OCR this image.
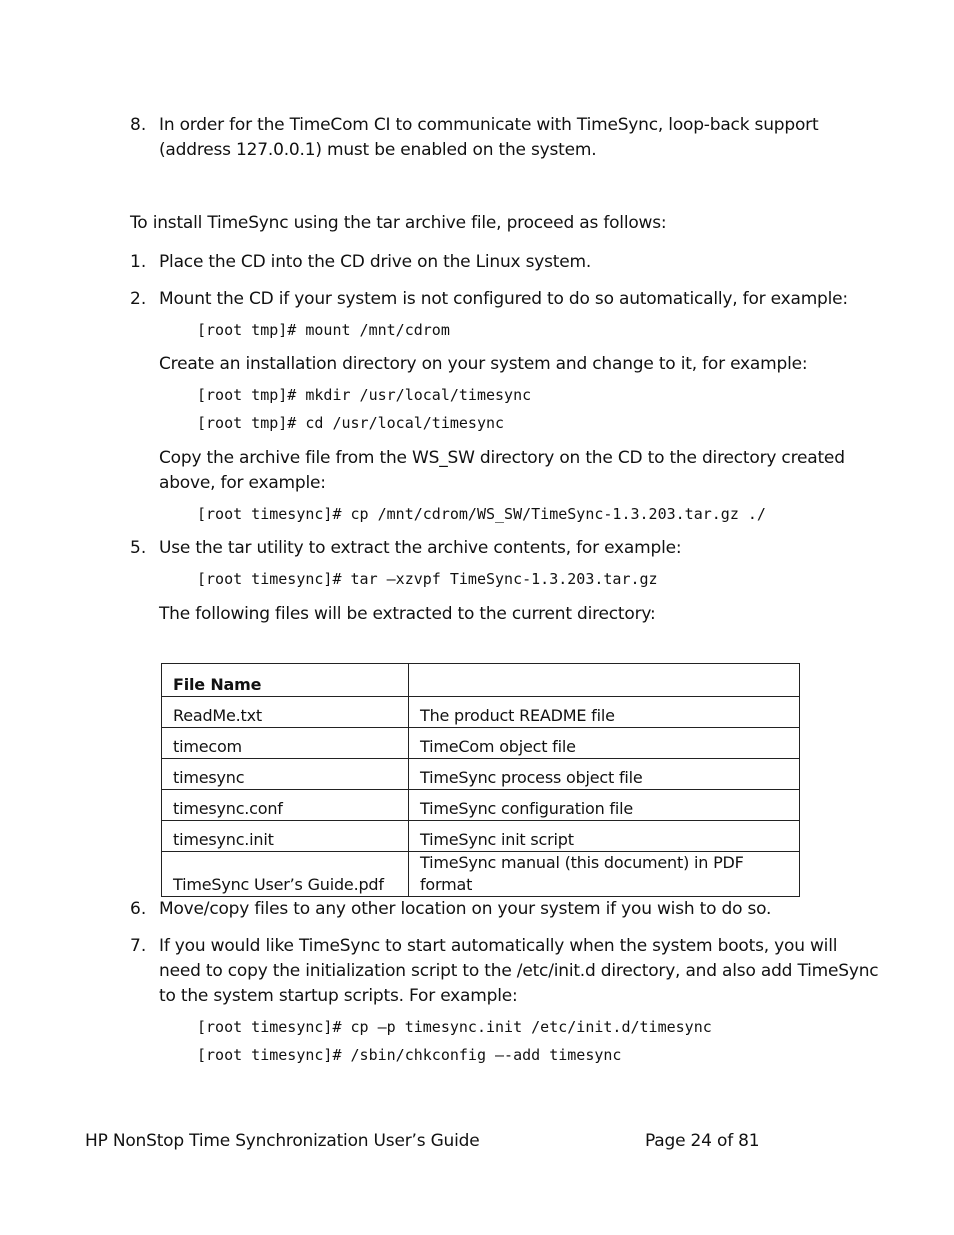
8. In order for the TimeCom CI to communicate with TimeSync, loop-back support (address 127.0.0.1) must be enabled on the system.
To install TimeSync using the tar archive file, proceed as follows:
1. Place the CD into the CD drive on the Linux system.
2. Mount the CD if your system is not configured to do so automatically, for example:
[root tmp]# mount /mnt/cdrom
Create an installation directory on your system and change to it, for example:
[root tmp]# mkdir /usr/local/timesync
[root tmp]# cd /usr/local/timesync
Copy the archive file from the WS_SW directory on the CD to the directory created above, for example:
[root timesync]# cp /mnt/cdrom/WS_SW/TimeSync-1.3.203.tar.gz ./
5. Use the tar utility to extract the archive contents, for example:
[root timesync]# tar –xzvpf TimeSync-1.3.203.tar.gz
The following files will be extracted to the current directory:
File Name	
ReadMe.txt	The product README file
timecom	TimeCom object file
timesync	TimeSync process object file
timesync.conf	TimeSync configuration file
timesync.init	TimeSync init script
TimeSync User’s Guide.pdf	TimeSync manual (this document) in PDF format
6. Move/copy files to any other location on your system if you wish to do so.
7. If you would like TimeSync to start automatically when the system boots, you will need to copy the initialization script to the /etc/init.d directory, and also add TimeSync to the system startup scripts. For example:
[root timesync]# cp –p timesync.init /etc/init.d/timesync
[root timesync]# /sbin/chkconfig –-add timesync
HP NonStop Time Synchronization User’s Guide	Page 24 of 81
